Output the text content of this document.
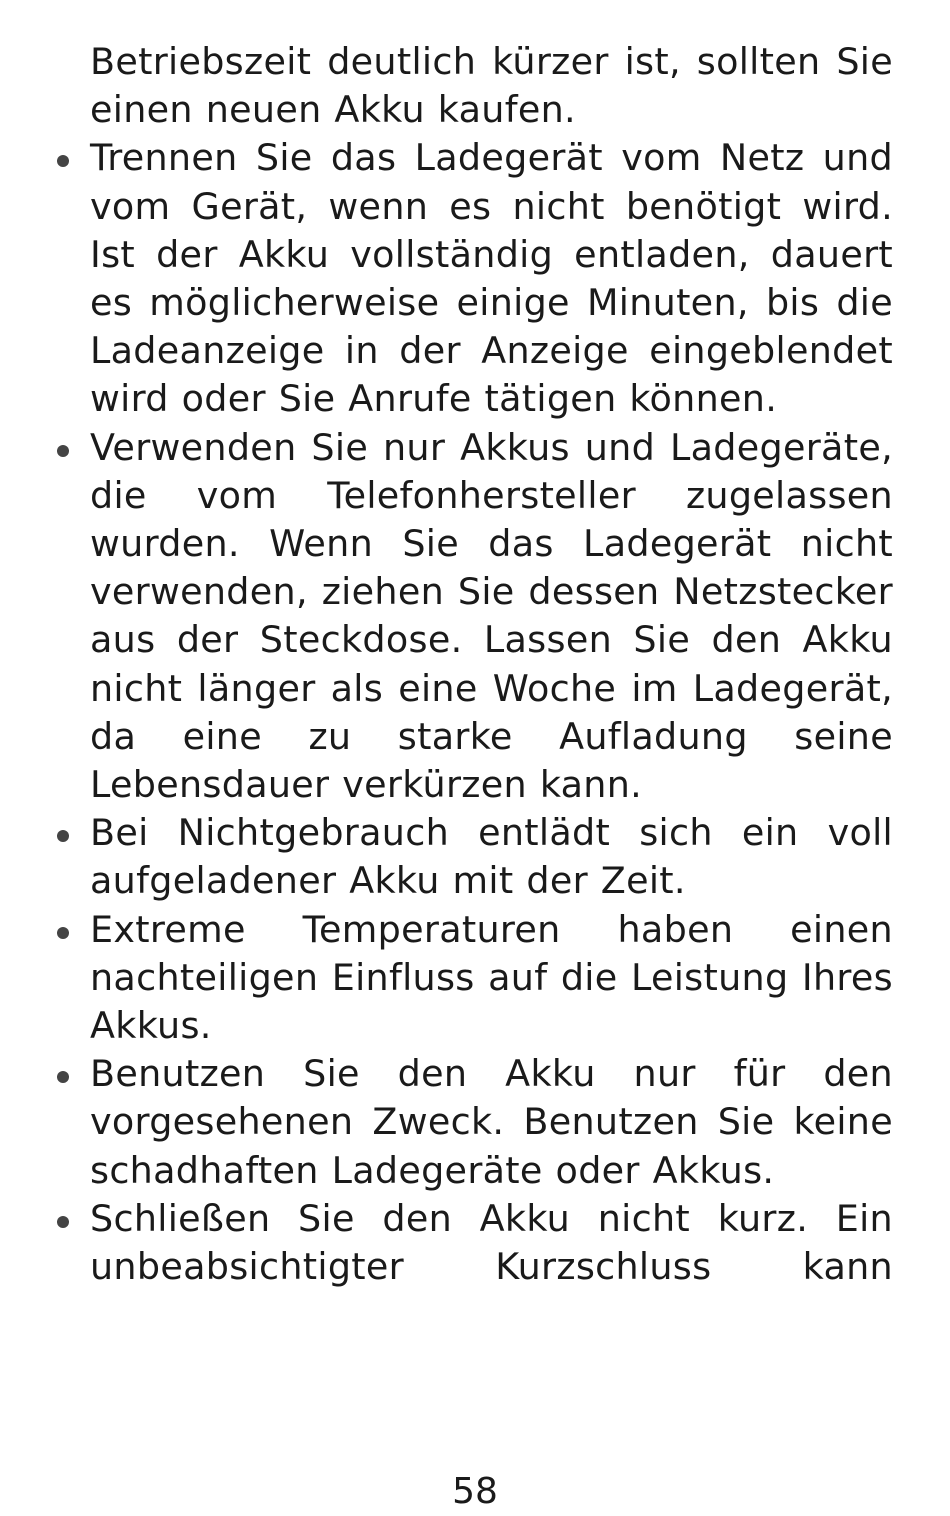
Betriebszeit deutlich kürzer ist, sollten Sie einen neuen Akku kaufen.
Trennen Sie das Ladegerät vom Netz und vom Gerät, wenn es nicht benötigt wird. Ist der Akku vollständig entladen, dauert es möglicherweise einige Minuten, bis die Ladeanzeige in der Anzeige eingeblendet wird oder Sie Anrufe tätigen können.
Verwenden Sie nur Akkus und Ladegeräte, die vom Telefonhersteller zugelassen wurden. Wenn Sie das Ladegerät nicht verwenden, ziehen Sie dessen Netzstecker aus der Steckdose. Lassen Sie den Akku nicht länger als eine Woche im Ladegerät, da eine zu starke Aufladung seine Lebensdauer verkürzen kann.
Bei Nichtgebrauch entlädt sich ein voll aufgeladener Akku mit der Zeit.
Extreme Temperaturen haben einen nachteiligen Einfluss auf die Leistung Ihres Akkus.
Benutzen Sie den Akku nur für den vorgesehenen Zweck. Benutzen Sie keine schadhaften Ladegeräte oder Akkus.
Schließen Sie den Akku nicht kurz. Ein unbeabsichtigter Kurzschluss kann
58
